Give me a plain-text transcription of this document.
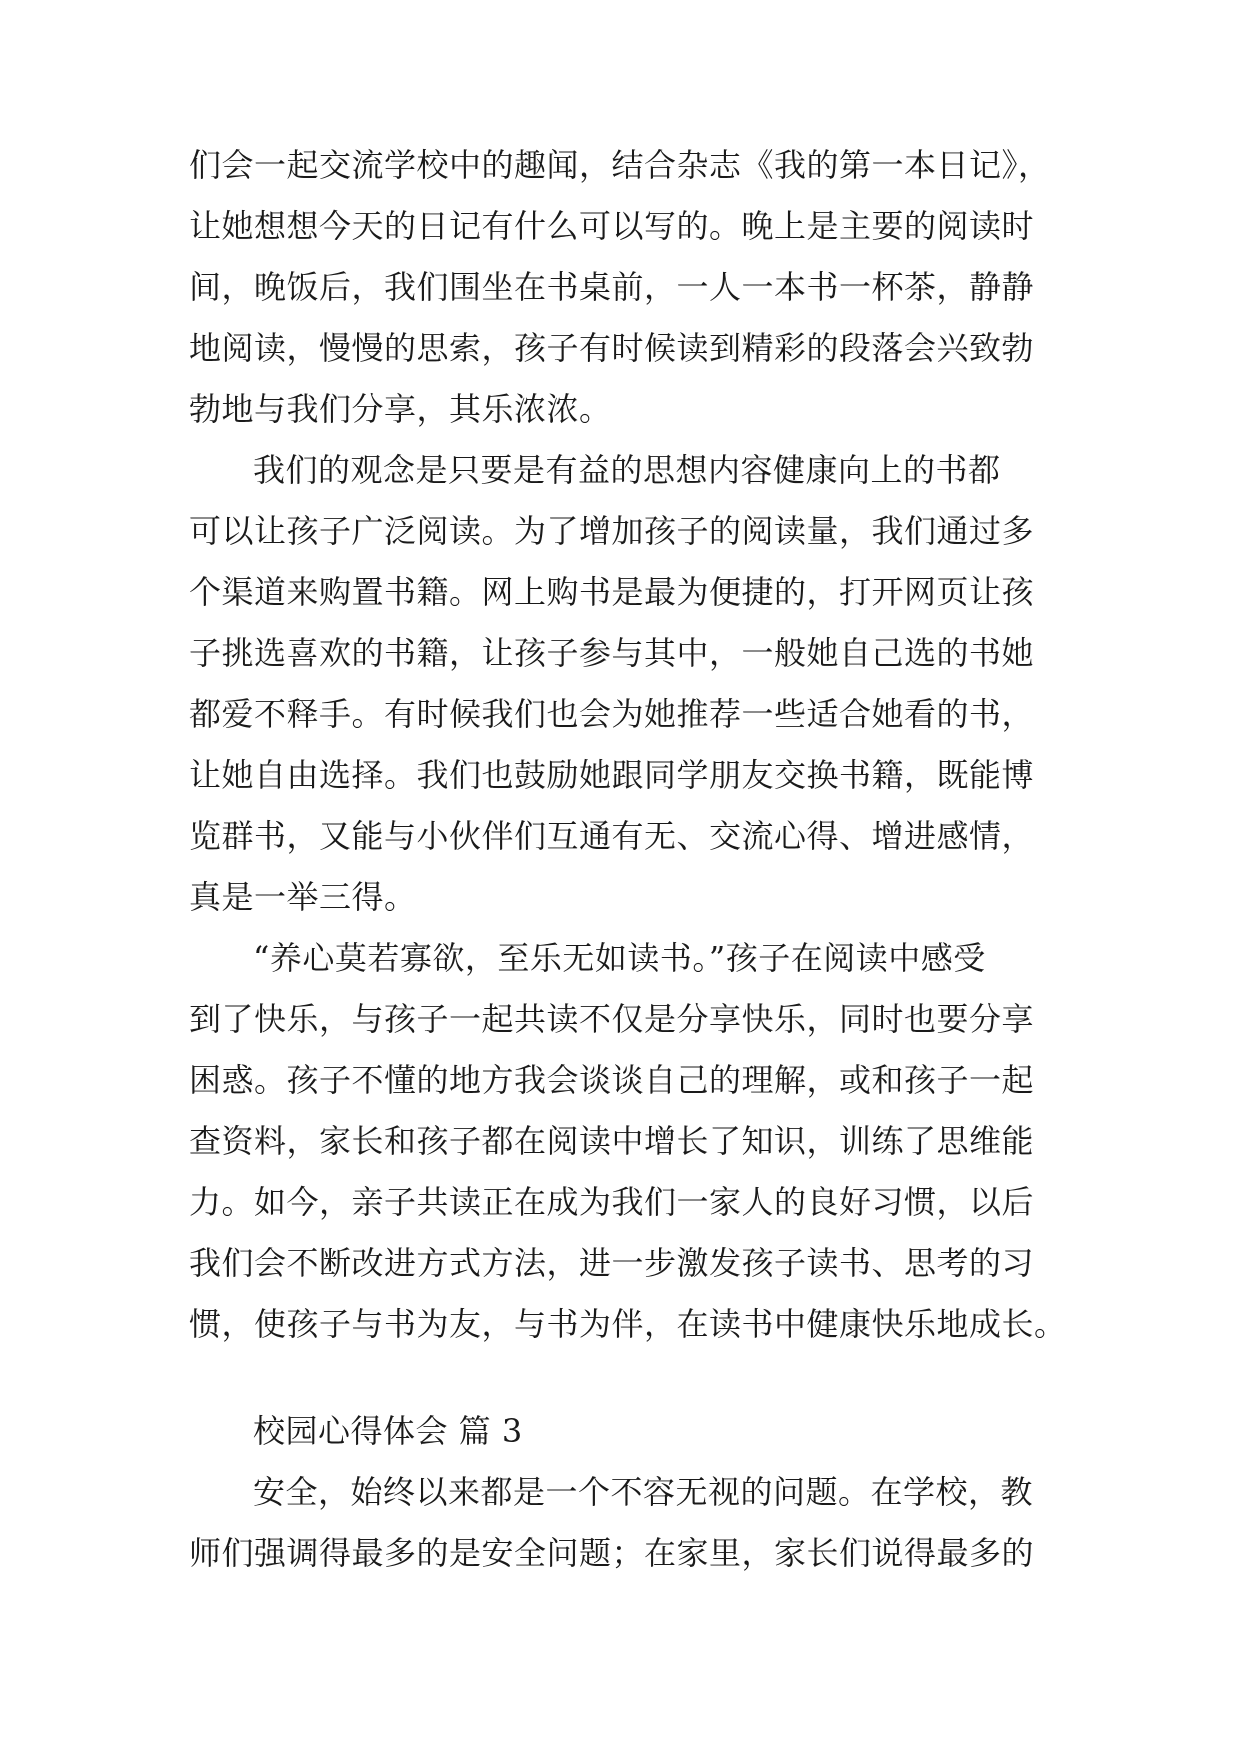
们会一起交流学校中的趣闻，结合杂志《我的第一本日记》，
让她想想今天的日记有什么可以写的。晚上是主要的阅读时
间，晚饭后，我们围坐在书桌前，一人一本书一杯茶，静静
地阅读，慢慢的思索，孩子有时候读到精彩的段落会兴致勃
勃地与我们分享，其乐浓浓。
我们的观念是只要是有益的思想内容健康向上的书都
可以让孩子广泛阅读。为了增加孩子的阅读量，我们通过多
个渠道来购置书籍。网上购书是最为便捷的，打开网页让孩
子挑选喜欢的书籍，让孩子参与其中，一般她自己选的书她
都爱不释手。有时候我们也会为她推荐一些适合她看的书，
让她自由选择。我们也鼓励她跟同学朋友交换书籍，既能博
览群书，又能与小伙伴们互通有无、交流心得、增进感情，
真是一举三得。
“养心莫若寡欲，至乐无如读书。”孩子在阅读中感受
到了快乐，与孩子一起共读不仅是分享快乐，同时也要分享
困惑。孩子不懂的地方我会谈谈自己的理解，或和孩子一起
查资料，家长和孩子都在阅读中增长了知识，训练了思维能
力。如今，亲子共读正在成为我们一家人的良好习惯，以后
我们会不断改进方式方法，进一步激发孩子读书、思考的习
惯，使孩子与书为友，与书为伴，在读书中健康快乐地成长。
校园心得体会 篇 3
安全，始终以来都是一个不容无视的问题。在学校，教
师们强调得最多的是安全问题；在家里，家长们说得最多的
